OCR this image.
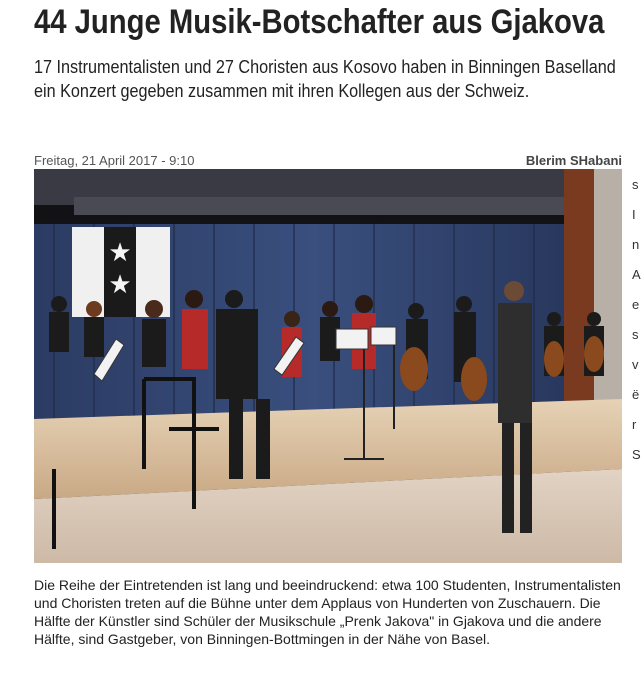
44 Junge Musik-Botschafter aus Gjakova

17 Instrumentalisten und 27 Choristen aus Kosovo haben in Binningen Baselland ein Konzert gegeben zusammen mit ihren Kollegen aus der Schweiz.

Freitag, 21 April 2017 - 9:10	Blerim SHabani
★
★

Die Reihe der Eintretenden ist lang und beeindruckend: etwa 100 Studenten, Instrumentalisten und Choristen treten auf die Bühne unter dem Applaus von Hunderten von Zuschauern. Die Hälfte der Künstler sind Schüler der Musikschule „Prenk Jakova" in Gjakova und die andere Hälfte, sind Gastgeber, von Binningen-Bottmingen in der Nähe von Basel.

s
I
n
A
e
s
v
ë
r
S
